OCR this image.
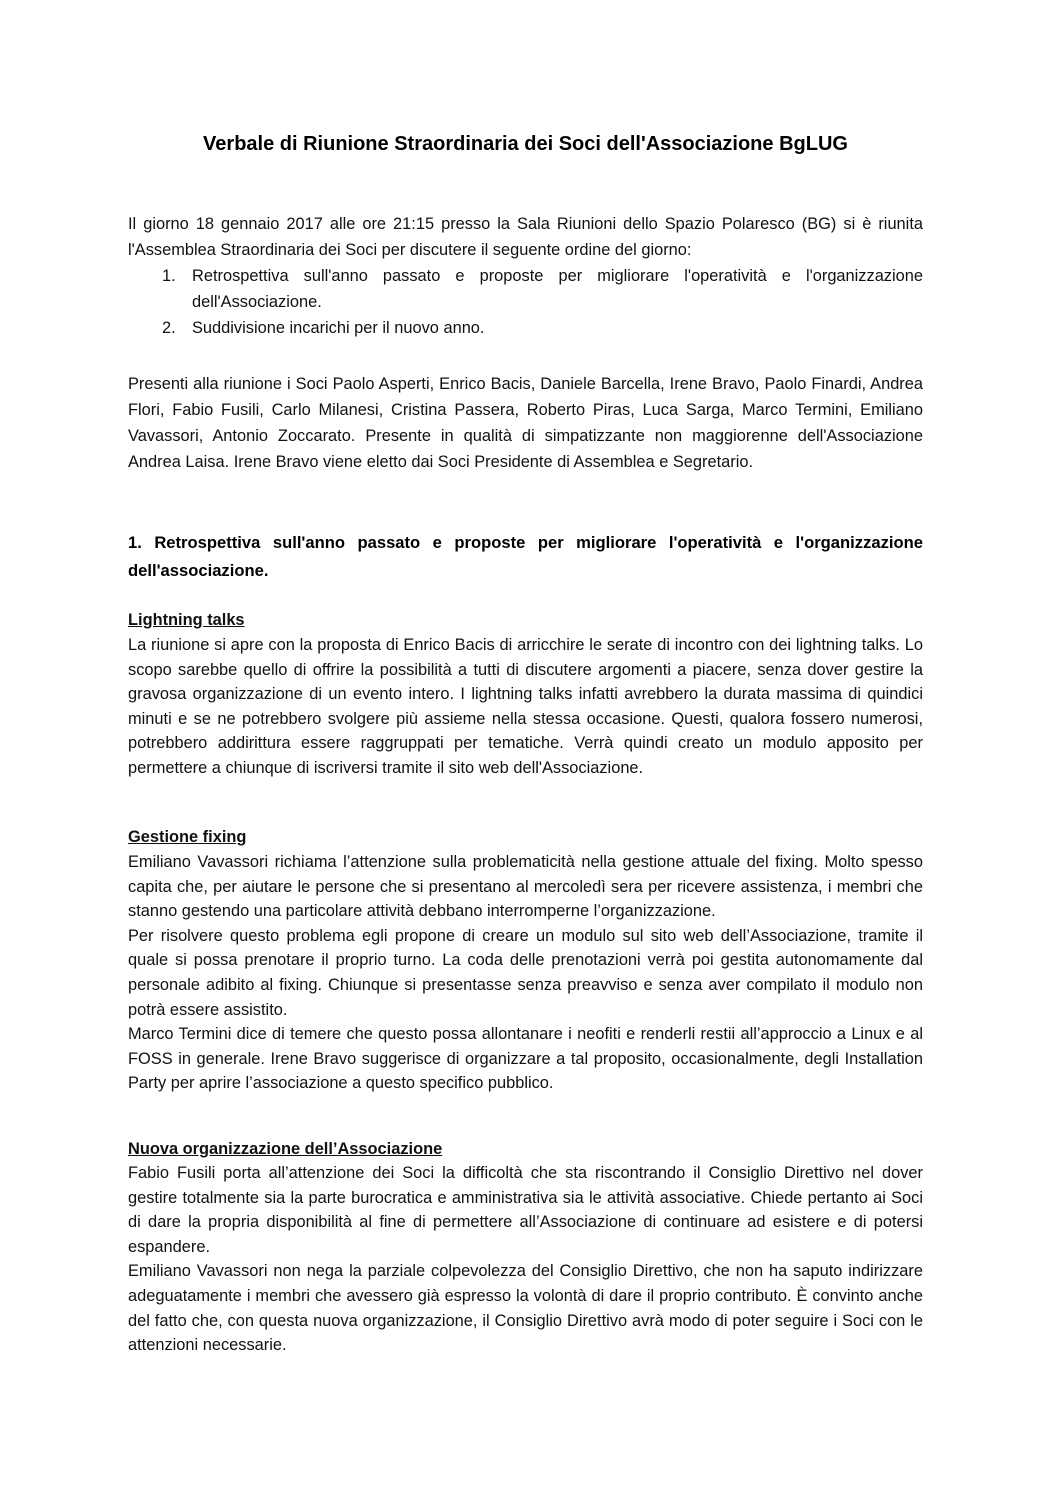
Verbale di Riunione Straordinaria dei Soci dell'Associazione BgLUG

Il giorno 18 gennaio 2017 alle ore 21:15 presso la Sala Riunioni dello Spazio Polaresco (BG) si è riunita l'Assemblea Straordinaria dei Soci per discutere il seguente ordine del giorno:

1. Retrospettiva sull'anno passato e proposte per migliorare l'operatività e l'organizzazione dell'Associazione.
2. Suddivisione incarichi per il nuovo anno.

Presenti alla riunione i Soci Paolo Asperti, Enrico Bacis, Daniele Barcella, Irene Bravo, Paolo Finardi, Andrea Flori, Fabio Fusili, Carlo Milanesi, Cristina Passera, Roberto Piras, Luca Sarga, Marco Termini, Emiliano Vavassori, Antonio Zoccarato. Presente in qualità di simpatizzante non maggiorenne dell'Associazione Andrea Laisa. Irene Bravo viene eletto dai Soci Presidente di Assemblea e Segretario.

1. Retrospettiva sull'anno passato e proposte per migliorare l'operatività e l'organizzazione dell'associazione.
Lightning talks

La riunione si apre con la proposta di Enrico Bacis di arricchire le serate di incontro con dei lightning talks. Lo scopo sarebbe quello di offrire la possibilità a tutti di discutere argomenti a piacere, senza dover gestire la gravosa organizzazione di un evento intero. I lightning talks infatti avrebbero la durata massima di quindici minuti e se ne potrebbero svolgere più assieme nella stessa occasione. Questi, qualora fossero numerosi, potrebbero addirittura essere raggruppati per tematiche. Verrà quindi creato un modulo apposito per permettere a chiunque di iscriversi tramite il sito web dell'Associazione.

Gestione fixing

Emiliano Vavassori richiama l’attenzione sulla problematicità nella gestione attuale del fixing. Molto spesso capita che, per aiutare le persone che si presentano al mercoledì sera per ricevere assistenza, i membri che stanno gestendo una particolare attività debbano interromperne l’organizzazione.
Per risolvere questo problema egli propone di creare un modulo sul sito web dell’Associazione, tramite il quale si possa prenotare il proprio turno. La coda delle prenotazioni verrà poi gestita autonomamente dal personale adibito al fixing. Chiunque si presentasse senza preavviso e senza aver compilato il modulo non potrà essere assistito.
Marco Termini dice di temere che questo possa allontanare i neofiti e renderli restii all’approccio a Linux e al FOSS in generale. Irene Bravo suggerisce di organizzare a tal proposito, occasionalmente, degli Installation Party per aprire l’associazione a questo specifico pubblico.

Nuova organizzazione dell’Associazione

Fabio Fusili porta all’attenzione dei Soci la difficoltà che sta riscontrando il Consiglio Direttivo nel dover gestire totalmente sia la parte burocratica e amministrativa sia le attività associative. Chiede pertanto ai Soci di dare la propria disponibilità al fine di permettere all’Associazione di continuare ad esistere e di potersi espandere.
Emiliano Vavassori non nega la parziale colpevolezza del Consiglio Direttivo, che non ha saputo indirizzare adeguatamente i membri che avessero già espresso la volontà di dare il proprio contributo. È convinto anche del fatto che, con questa nuova organizzazione, il Consiglio Direttivo avrà modo di poter seguire i Soci con le attenzioni necessarie.
